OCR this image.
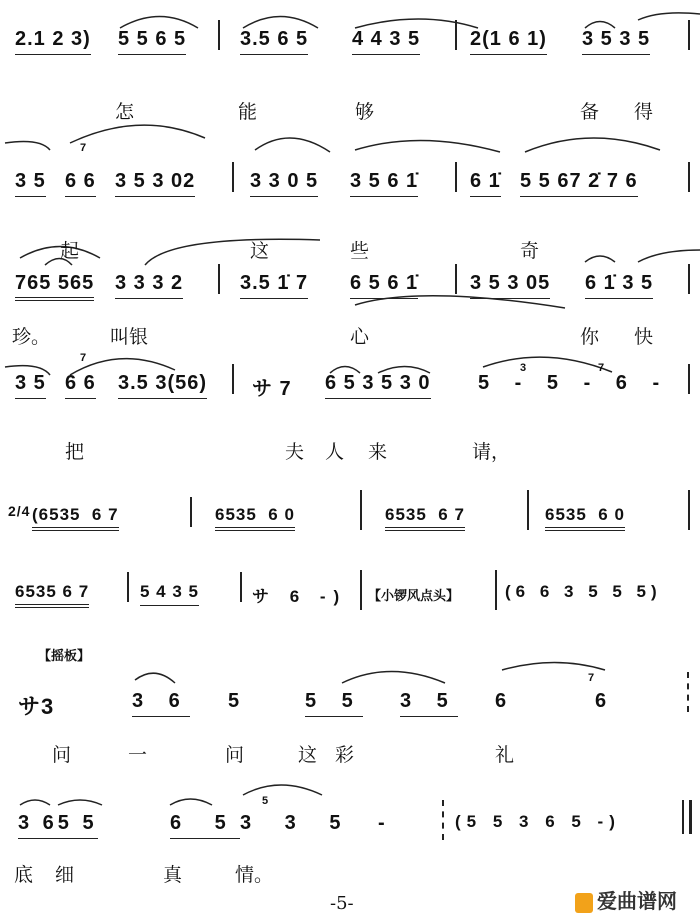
2.1 2 3) 5 5 6 5	3.5 6 5 4 4 3 5 2(1 6 1) 3 5 3 5
怎	能	够	备 得
3 5
7
6 6 3 5 3 02	3 3 0 5 3 5 6 1̇	6 1̇ 5 5 67 2̇ 7 6
起	这	些	奇
765 565 3 3 3 2	3.5 1̇ 7 6 5 6 1̇	3 5 3 05 6 1̇ 3 5
珍。	叫银	心	你 快
3 5
7
6 6 3.5 3(56) サ 7 6 5 3 5 3 0
3	7
5 - 5 - 6 -
把	夫 人 来	请，
2/4 (6535  6 7	6535  6 0	6535  6 7	6535  6 0
6535 6 7	5 4 3 5	サ 6 -) 【小锣风点头】	(6 6 3 5 5 5)
【摇板】
サ3	3 6 5	5 5 3 5 6
7
6
问	一	问	这 彩	礼
3 65 5	6 5
5
3 3 5 -	(5 5 3 6 5 -)
底 细	真	情。
-5-	爱曲谱网
